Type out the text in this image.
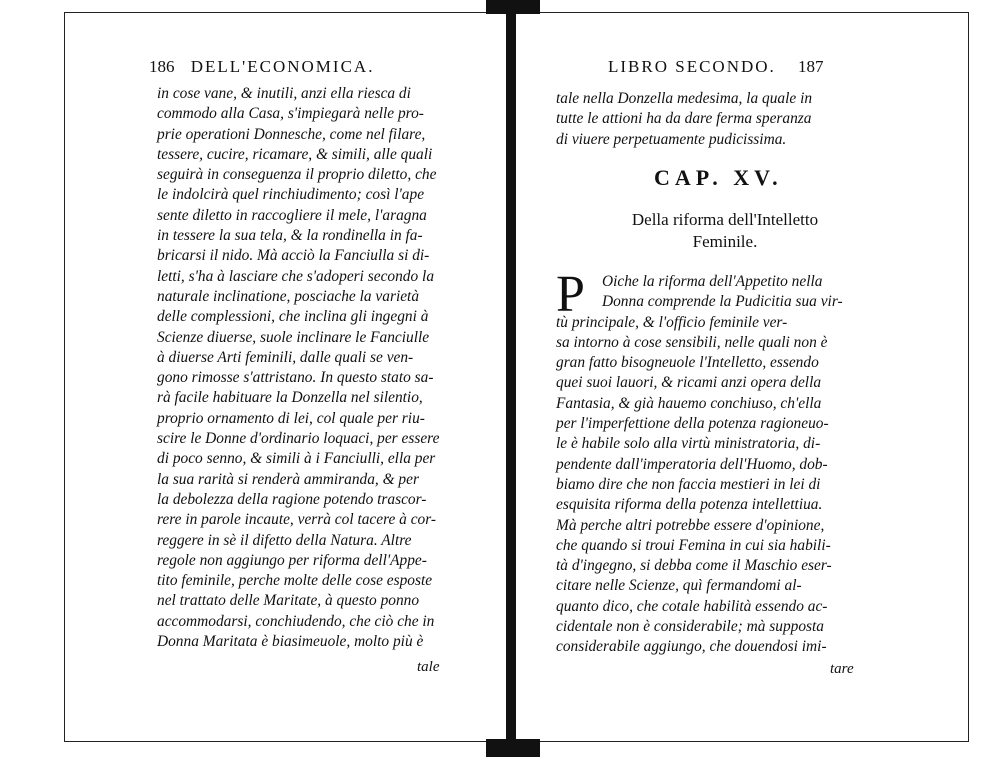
186 DELL'ECONOMICA.
in cose vane, & inutili, anzi ella riesca di
commodo alla Casa, s'impiegarà nelle pro-
prie operationi Donnesche, come nel filare,
tessere, cucire, ricamare, & simili, alle quali
seguirà in conseguenza il proprio diletto, che
le indolcirà quel rinchiudimento; così l'ape
sente diletto in raccogliere il mele, l'aragna
in tessere la sua tela, & la rondinella in fa-
bricarsi il nido. Mà acciò la Fanciulla si di-
letti, s'ha à lasciare che s'adoperi secondo la
naturale inclinatione, posciache la varietà
delle complessioni, che inclina gli ingegni à
Scienze diuerse, suole inclinare le Fanciulle
à diuerse Arti feminili, dalle quali se ven-
gono rimosse s'attristano. In questo stato sa-
rà facile habituare la Donzella nel silentio,
proprio ornamento di lei, col quale per riu-
scire le Donne d'ordinario loquaci, per essere
di poco senno, & simili à i Fanciulli, ella per
la sua rarità si renderà ammiranda, & per
la debolezza della ragione potendo trascor-
rere in parole incaute, verrà col tacere à cor-
reggere in sè il difetto della Natura. Altre
regole non aggiungo per riforma dell'Appe-
tito feminile, perche molte delle cose esposte
nel trattato delle Maritate, à questo ponno
accommodarsi, conchiudendo, che ciò che in
Donna Maritata è biasimeuole, molto più è
tale
LIBRO SECONDO. 187
tale nella Donzella medesima, la quale in
tutte le attioni ha da dare ferma speranza
di viuere perpetuamente pudicissima.
CAP. XV.
Della riforma dell'Intelletto
Feminile.
P	Oiche la riforma dell'Appetito nella
Donna comprende la Pudicitia sua vir-
tù principale, & l'officio feminile ver-
sa intorno à cose sensibili, nelle quali non è
gran fatto bisogneuole l'Intelletto, essendo
quei suoi lauori, & ricami anzi opera della
Fantasia, & già hauemo conchiuso, ch'ella
per l'imperfettione della potenza ragioneuo-
le è habile solo alla virtù ministratoria, di-
pendente dall'imperatoria dell'Huomo, dob-
biamo dire che non faccia mestieri in lei di
esquisita riforma della potenza intellettiua.
Mà perche altri potrebbe essere d'opinione,
che quando si troui Femina in cui sia habili-
tà d'ingegno, si debba come il Maschio eser-
citare nelle Scienze, quì fermandomi al-
quanto dico, che cotale habilità essendo ac-
cidentale non è considerabile; mà supposta
considerabile aggiungo, che douendosi imi-
tare
